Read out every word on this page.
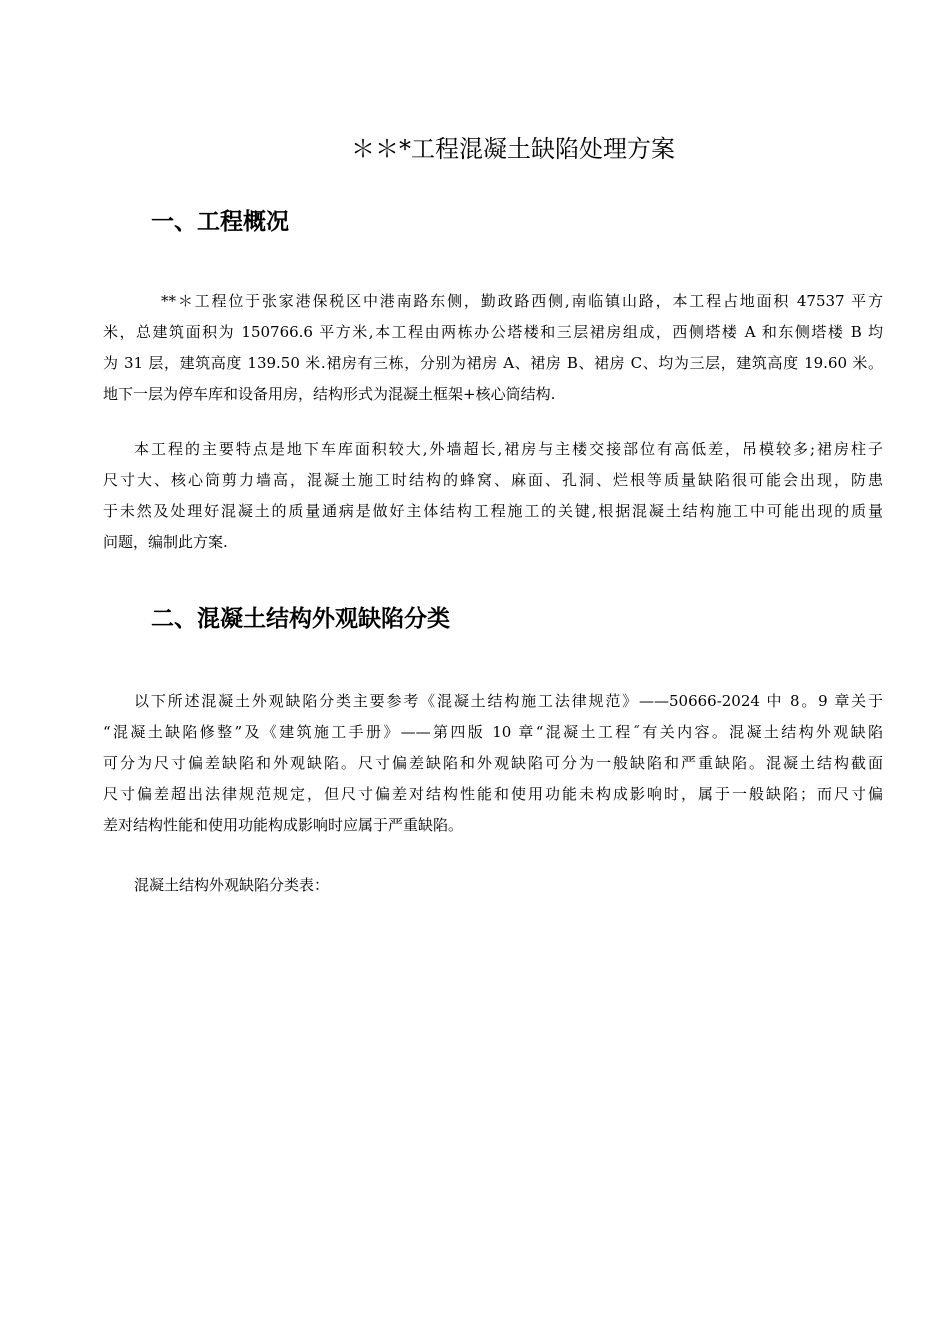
＊＊*工程混凝土缺陷处理方案
一、工程概况
**＊工程位于张家港保税区中港南路东侧，勤政路西侧,南临镇山路，本工程占地面积 47537 平方
米，总建筑面积为 150766.6 平方米,本工程由两栋办公塔楼和三层裙房组成，西侧塔楼 A 和东侧塔楼 B 均
为 31 层，建筑高度 139.50 米.裙房有三栋，分别为裙房 A、裙房 B、裙房 C、均为三层，建筑高度 19.60 米。
地下一层为停车库和设备用房，结构形式为混凝土框架+核心筒结构.
本工程的主要特点是地下车库面积较大,外墙超长,裙房与主楼交接部位有高低差，吊模较多;裙房柱子
尺寸大、核心筒剪力墙高，混凝土施工时结构的蜂窝、麻面、孔洞、烂根等质量缺陷很可能会出现，防患
于未然及处理好混凝土的质量通病是做好主体结构工程施工的关键,根据混凝土结构施工中可能出现的质量
问题，编制此方案.
二、混凝土结构外观缺陷分类
以下所述混凝土外观缺陷分类主要参考《混凝土结构施工法律规范》——50666-2024 中 8。9 章关于
“混凝土缺陷修整”及《建筑施工手册》——第四版 10 章“混凝土工程˝有关内容。混凝土结构外观缺陷
可分为尺寸偏差缺陷和外观缺陷。尺寸偏差缺陷和外观缺陷可分为一般缺陷和严重缺陷。混凝土结构截面
尺寸偏差超出法律规范规定，但尺寸偏差对结构性能和使用功能未构成影响时，属于一般缺陷；而尺寸偏
差对结构性能和使用功能构成影响时应属于严重缺陷。
混凝土结构外观缺陷分类表：
